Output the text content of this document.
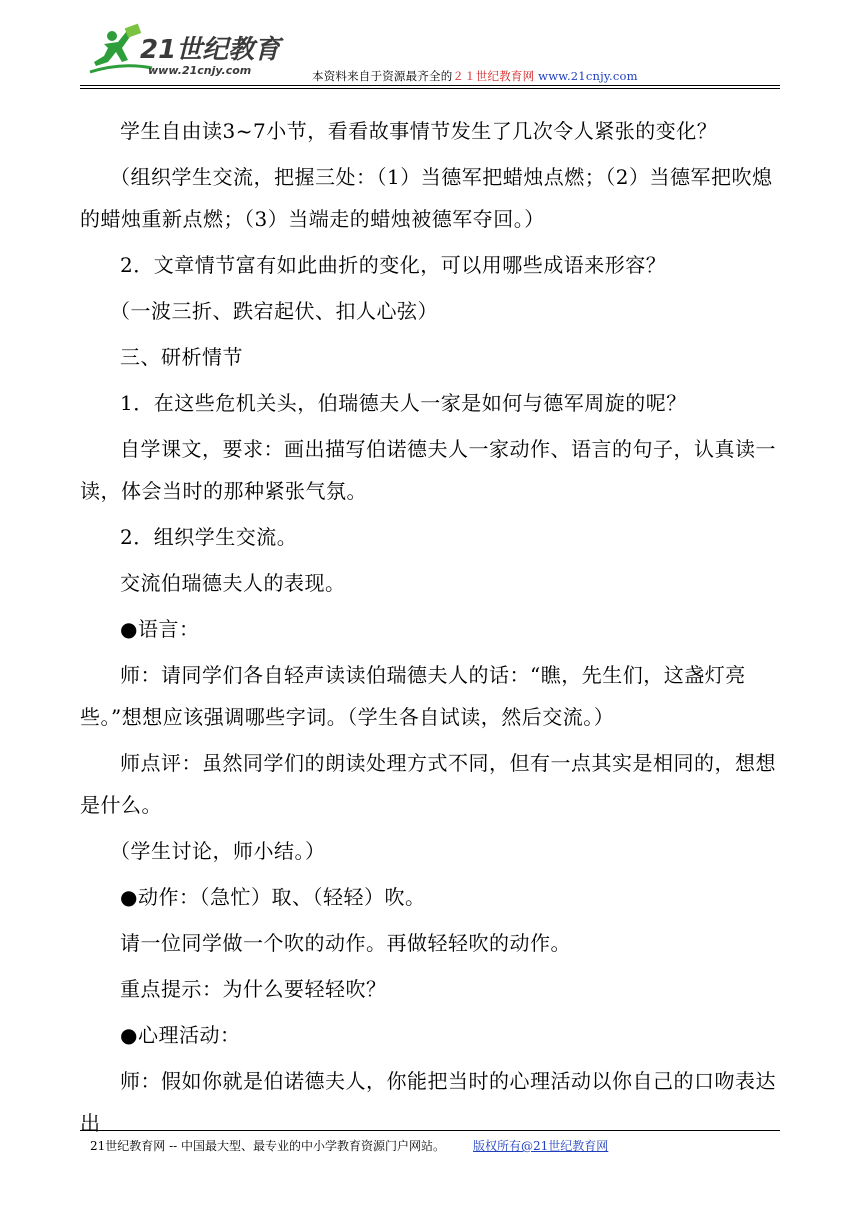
21世纪教育
www.21cnjy.com	本资料来自于资源最齐全的２１世纪教育网 www.21cnjy.com

学生自由读3~7小节，看看故事情节发生了几次令人紧张的变化？

（组织学生交流，把握三处：（1）当德军把蜡烛点燃；（2）当德军把吹熄的蜡烛重新点燃；（3）当端走的蜡烛被德军夺回。）

2．文章情节富有如此曲折的变化，可以用哪些成语来形容？

（一波三折、跌宕起伏、扣人心弦）

三、研析情节

1．在这些危机关头，伯瑞德夫人一家是如何与德军周旋的呢？

自学课文，要求：画出描写伯诺德夫人一家动作、语言的句子，认真读一读，体会当时的那种紧张气氛。

2．组织学生交流。

交流伯瑞德夫人的表现。

●语言：

师：请同学们各自轻声读读伯瑞德夫人的话：“瞧，先生们，这盏灯亮些。”想想应该强调哪些字词。（学生各自试读，然后交流。）

师点评：虽然同学们的朗读处理方式不同，但有一点其实是相同的，想想是什么。

（学生讨论，师小结。）

●动作：（急忙）取、（轻轻）吹。

请一位同学做一个吹的动作。再做轻轻吹的动作。

重点提示：为什么要轻轻吹？

●心理活动：

师：假如你就是伯诺德夫人，你能把当时的心理活动以你自己的口吻表达出

21世纪教育网 -- 中国最大型、最专业的中小学教育资源门户网站。 版权所有@21世纪教育网
